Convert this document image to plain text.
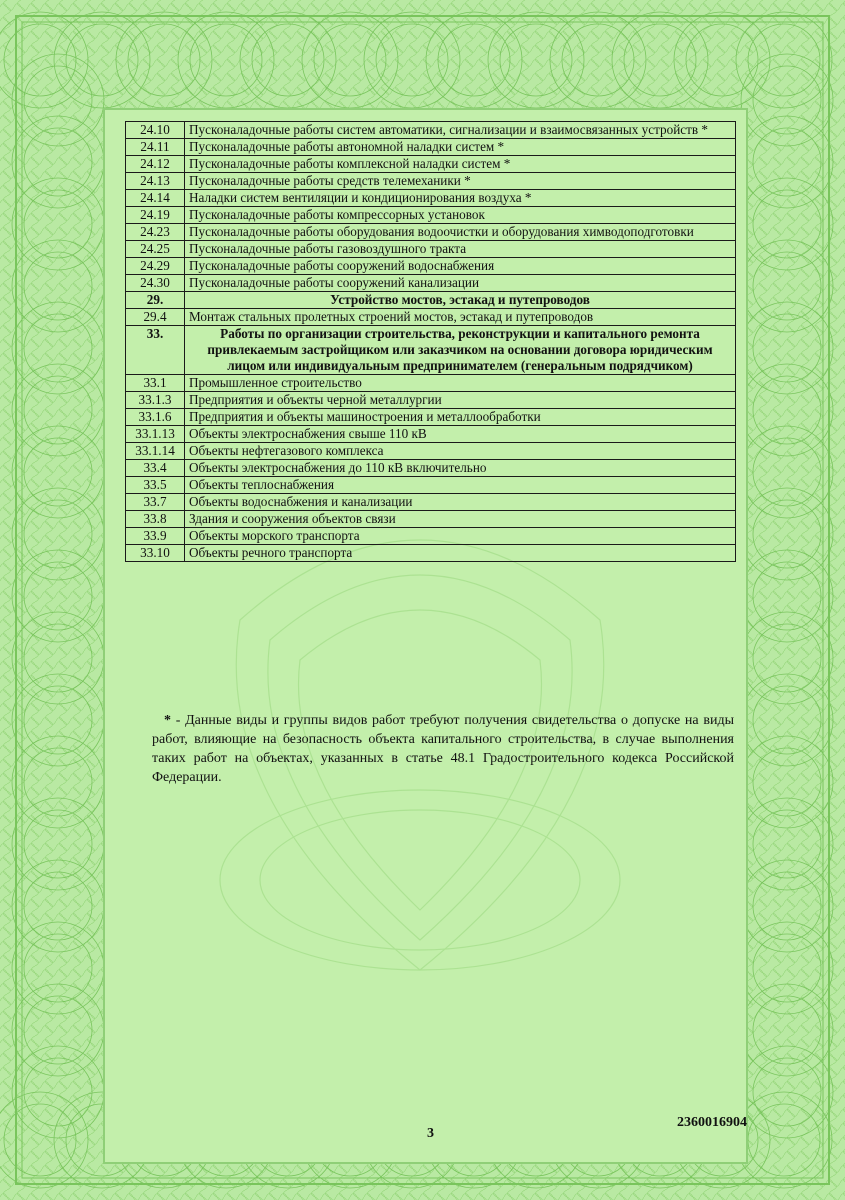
24.10	Пусконаладочные работы систем автоматики, сигнализации и взаимосвязанных устройств *
24.11	Пусконаладочные работы автономной наладки систем *
24.12	Пусконаладочные работы комплексной наладки систем *
24.13	Пусконаладочные работы средств телемеханики *
24.14	Наладки систем вентиляции и кондиционирования воздуха *
24.19	Пусконаладочные работы компрессорных установок
24.23	Пусконаладочные работы оборудования водоочистки и оборудования химводоподготовки
24.25	Пусконаладочные работы газовоздушного тракта
24.29	Пусконаладочные работы сооружений водоснабжения
24.30	Пусконаладочные работы сооружений канализации
29.	Устройство мостов, эстакад и путепроводов
29.4	Монтаж стальных пролетных строений мостов, эстакад и путепроводов
33.	Работы по организации строительства, реконструкции и капитального ремонта привлекаемым застройщиком или заказчиком на основании договора юридическим лицом или индивидуальным предпринимателем (генеральным подрядчиком)
33.1	Промышленное строительство
33.1.3	Предприятия и объекты черной металлургии
33.1.6	Предприятия и объекты машиностроения и металлообработки
33.1.13	Объекты электроснабжения свыше 110 кВ
33.1.14	Объекты нефтегазового комплекса
33.4	Объекты электроснабжения до 110 кВ включительно
33.5	Объекты теплоснабжения
33.7	Объекты водоснабжения и канализации
33.8	Здания и сооружения объектов связи
33.9	Объекты морского транспорта
33.10	Объекты речного транспорта
* - Данные виды и группы видов работ требуют получения свидетельства о допуске на виды работ, влияющие на безопасность объекта капитального строительства, в случае выполнения таких работ на объектах, указанных в статье 48.1 Градостроительного кодекса Российской Федерации.
3
2360016904
